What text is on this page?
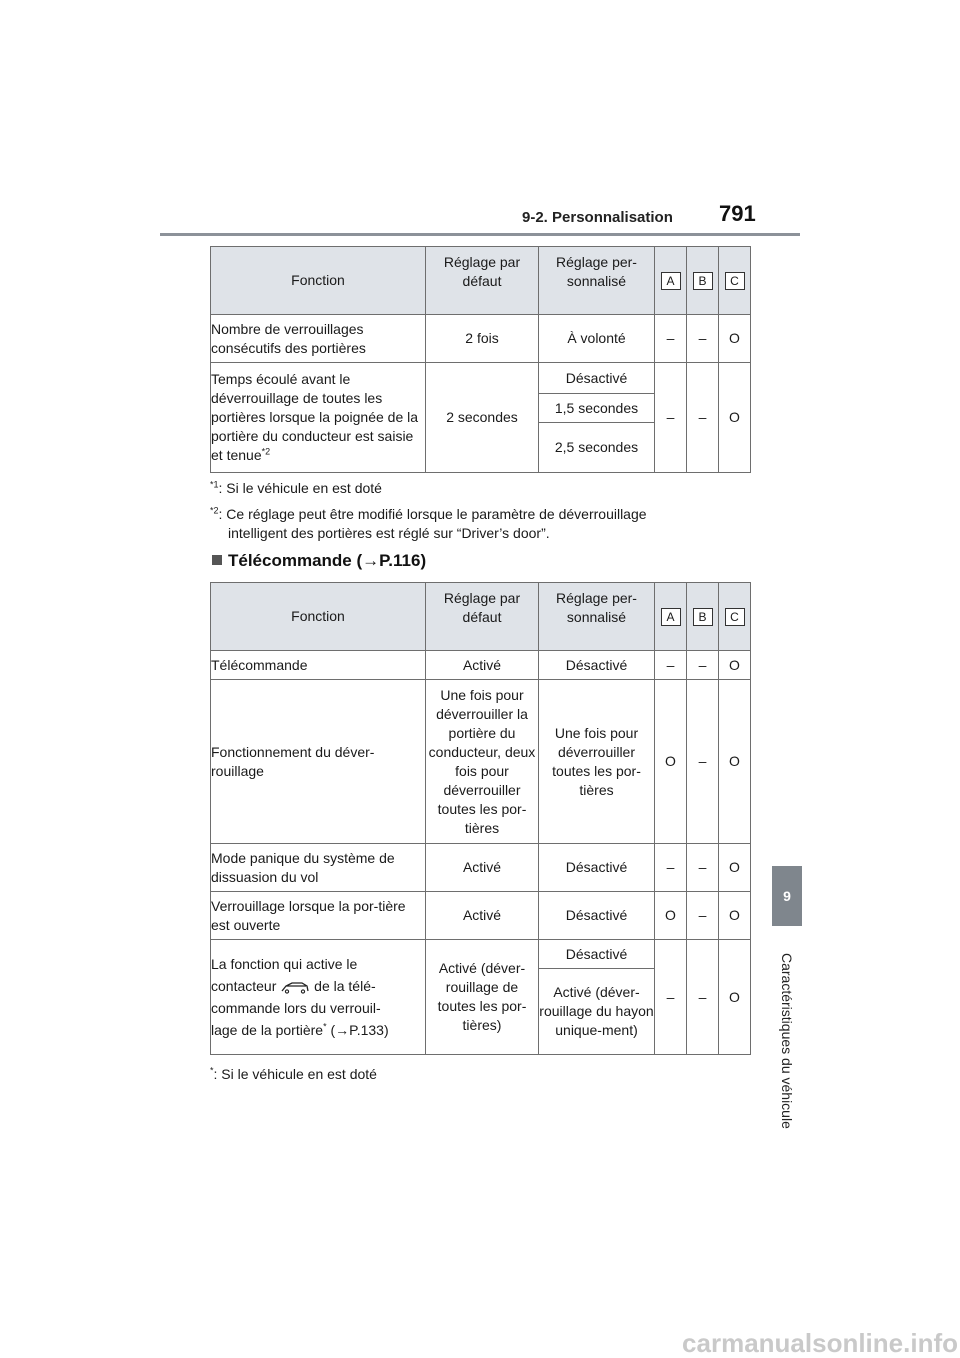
9-2. Personnalisation 791
9
Caractéristiques du véhicule
Fonction	Réglage par défaut	Réglage per-sonnalisé	A	B	C
Nombre de verrouillages consécutifs des portières	2 fois	À volonté	–	–	O
Temps écoulé avant le déverrouillage de toutes les portières lorsque la poignée de la portière du conducteur est saisie et tenue$^{*2}$	2 secondes	Désactivé	–	–	O
		1,5 secondes			
		2,5 secondes			
$^{*1}$: Si le véhicule en est doté
$^{*2}$: Ce réglage peut être modifié lorsque le paramètre de déverrouillage
intelligent des portières est réglé sur “Driver’s door”.
Télécommande (→P.116)
Fonction	Réglage par défaut	Réglage per-sonnalisé	A	B	C
Télécommande	Activé	Désactivé	–	–	O
Fonctionnement du déver-rouillage	Une fois pour déverrouiller la portière du conducteur, deux fois pour déverrouiller toutes les por-tières	Une fois pour déverrouiller toutes les por-tières	O	–	O
Mode panique du système de dissuasion du vol	Activé	Désactivé	–	–	O
Verrouillage lorsque la por-tière est ouverte	Activé	Désactivé	O	–	O
La fonction qui active le
contacteur de la télé-
commande lors du verrouil-
lage de la portière* (→P.133)	Activé (déver-rouillage de toutes les por-tières)	Désactivé	–	–	O
		Activé (déver-rouillage du hayon unique-ment)			
*: Si le véhicule en est doté
carmanualsonline.info
